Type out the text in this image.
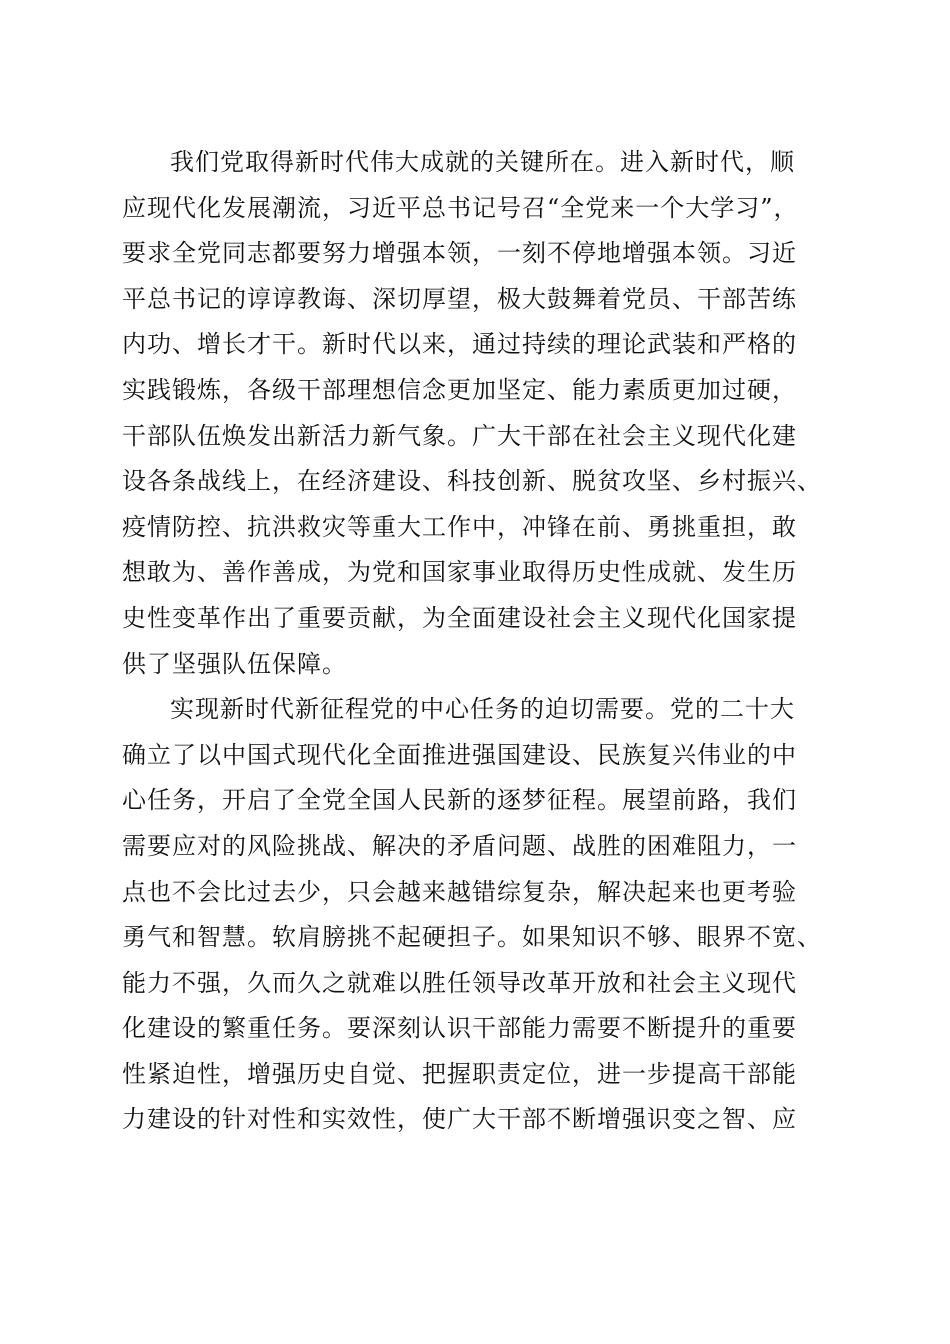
我们党取得新时代伟大成就的关键所在。进入新时代，顺
应现代化发展潮流，习近平总书记号召“全党来一个大学习”，
要求全党同志都要努力增强本领，一刻不停地增强本领。习近
平总书记的谆谆教诲、深切厚望，极大鼓舞着党员、干部苦练
内功、增长才干。新时代以来，通过持续的理论武装和严格的
实践锻炼，各级干部理想信念更加坚定、能力素质更加过硬，
干部队伍焕发出新活力新气象。广大干部在社会主义现代化建
设各条战线上，在经济建设、科技创新、脱贫攻坚、乡村振兴、
疫情防控、抗洪救灾等重大工作中，冲锋在前、勇挑重担，敢
想敢为、善作善成，为党和国家事业取得历史性成就、发生历
史性变革作出了重要贡献，为全面建设社会主义现代化国家提
供了坚强队伍保障。
实现新时代新征程党的中心任务的迫切需要。党的二十大
确立了以中国式现代化全面推进强国建设、民族复兴伟业的中
心任务，开启了全党全国人民新的逐梦征程。展望前路，我们
需要应对的风险挑战、解决的矛盾问题、战胜的困难阻力，一
点也不会比过去少，只会越来越错综复杂，解决起来也更考验
勇气和智慧。软肩膀挑不起硬担子。如果知识不够、眼界不宽、
能力不强，久而久之就难以胜任领导改革开放和社会主义现代
化建设的繁重任务。要深刻认识干部能力需要不断提升的重要
性紧迫性，增强历史自觉、把握职责定位，进一步提高干部能
力建设的针对性和实效性，使广大干部不断增强识变之智、应
